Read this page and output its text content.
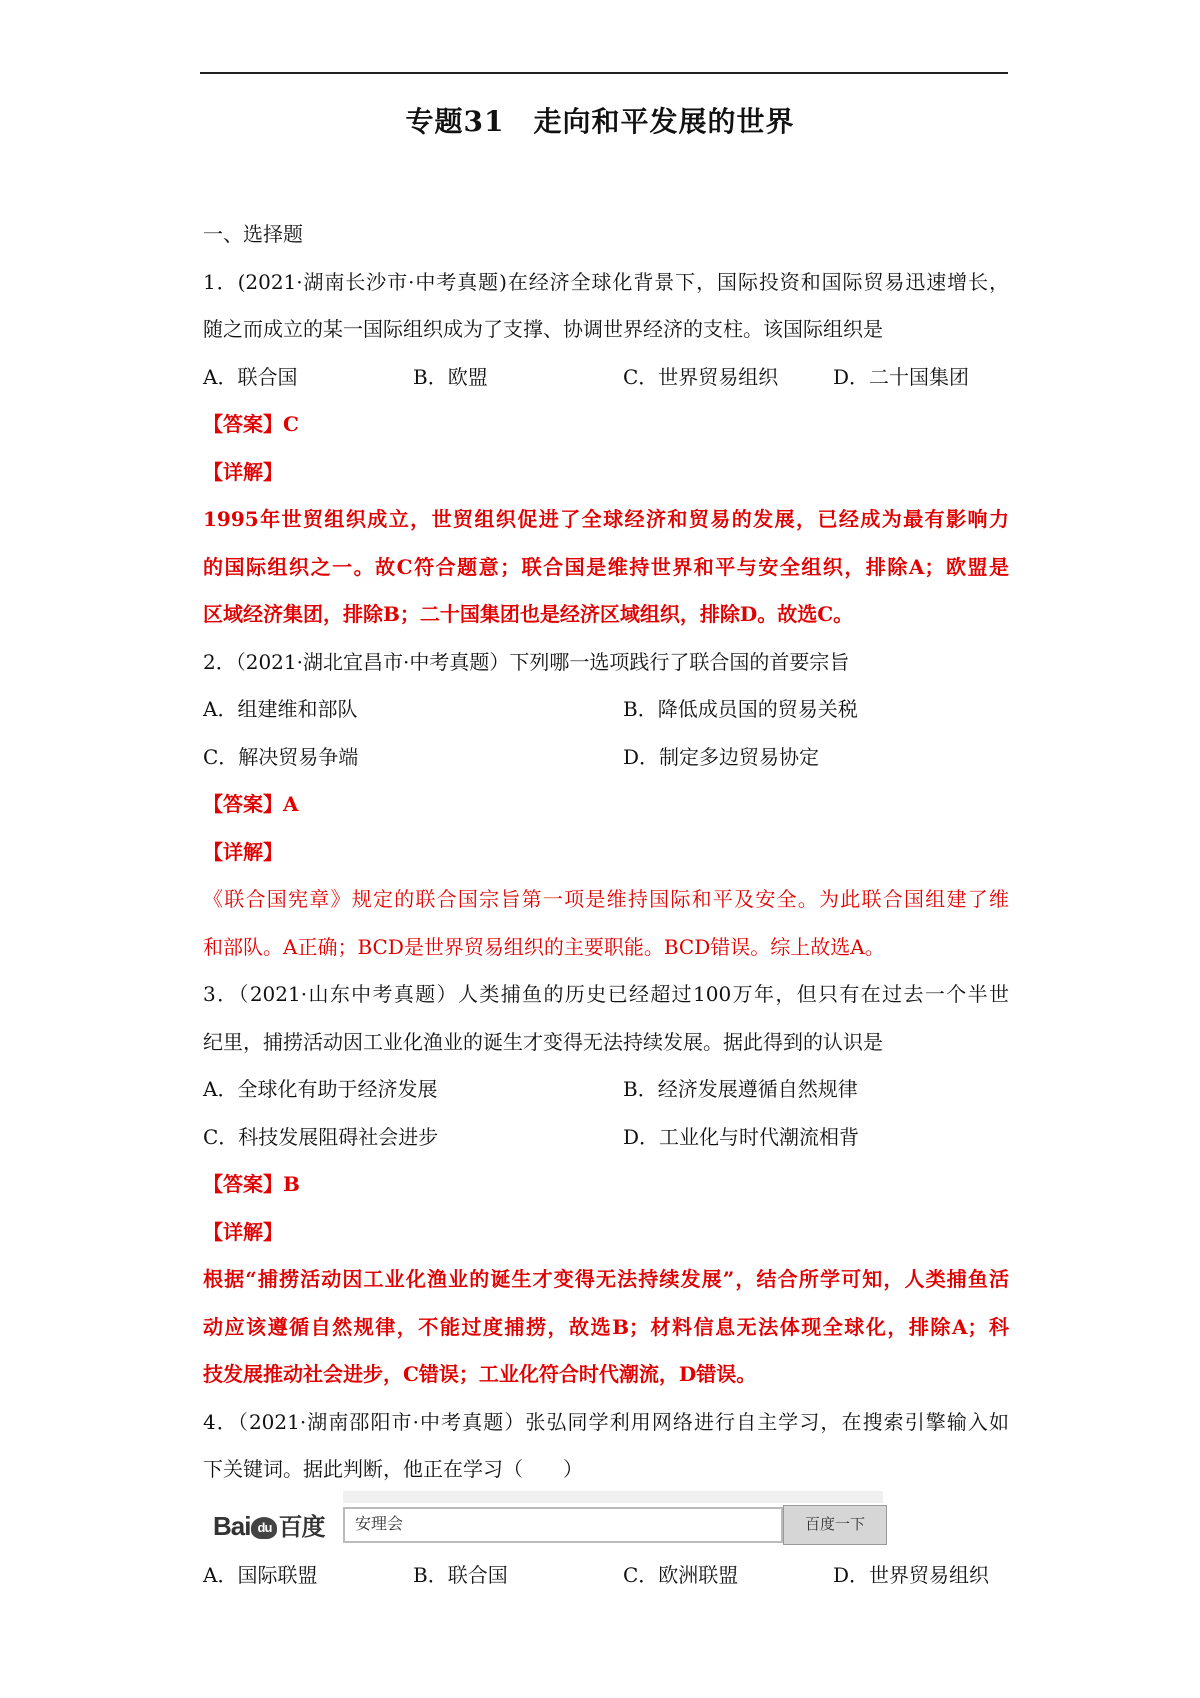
专题31　走向和平发展的世界
一、选择题
1．(2021·湖南长沙市·中考真题)在经济全球化背景下，国际投资和国际贸易迅速增长，
随之而成立的某一国际组织成为了支撑、协调世界经济的支柱。该国际组织是
A．联合国	B．欧盟	C．世界贸易组织	D．二十国集团
【答案】C
【详解】
1995年世贸组织成立，世贸组织促进了全球经济和贸易的发展，已经成为最有影响力
的国际组织之一。故C符合题意；联合国是维持世界和平与安全组织，排除A；欧盟是
区域经济集团，排除B；二十国集团也是经济区域组织，排除D。故选C。
2．（2021·湖北宜昌市·中考真题）下列哪一选项践行了联合国的首要宗旨
A．组建维和部队	B．降低成员国的贸易关税
C．解决贸易争端	D．制定多边贸易协定
【答案】A
【详解】
《联合国宪章》规定的联合国宗旨第一项是维持国际和平及安全。为此联合国组建了维
和部队。A正确；BCD是世界贸易组织的主要职能。BCD错误。综上故选A。
3．（2021·山东中考真题）人类捕鱼的历史已经超过100万年，但只有在过去一个半世
纪里，捕捞活动因工业化渔业的诞生才变得无法持续发展。据此得到的认识是
A．全球化有助于经济发展	B．经济发展遵循自然规律
C．科技发展阻碍社会进步	D．工业化与时代潮流相背
【答案】B
【详解】
根据“捕捞活动因工业化渔业的诞生才变得无法持续发展”，结合所学可知，人类捕鱼活
动应该遵循自然规律，不能过度捕捞，故选B；材料信息无法体现全球化，排除A；科
技发展推动社会进步，C错误；工业化符合时代潮流，D错误。
4．（2021·湖南邵阳市·中考真题）张弘同学利用网络进行自主学习，在搜索引擎输入如
下关键词。据此判断，他正在学习（　　）
Bai du 百度	安理会	百度一下
A．国际联盟	B．联合国	C．欧洲联盟	D．世界贸易组织
